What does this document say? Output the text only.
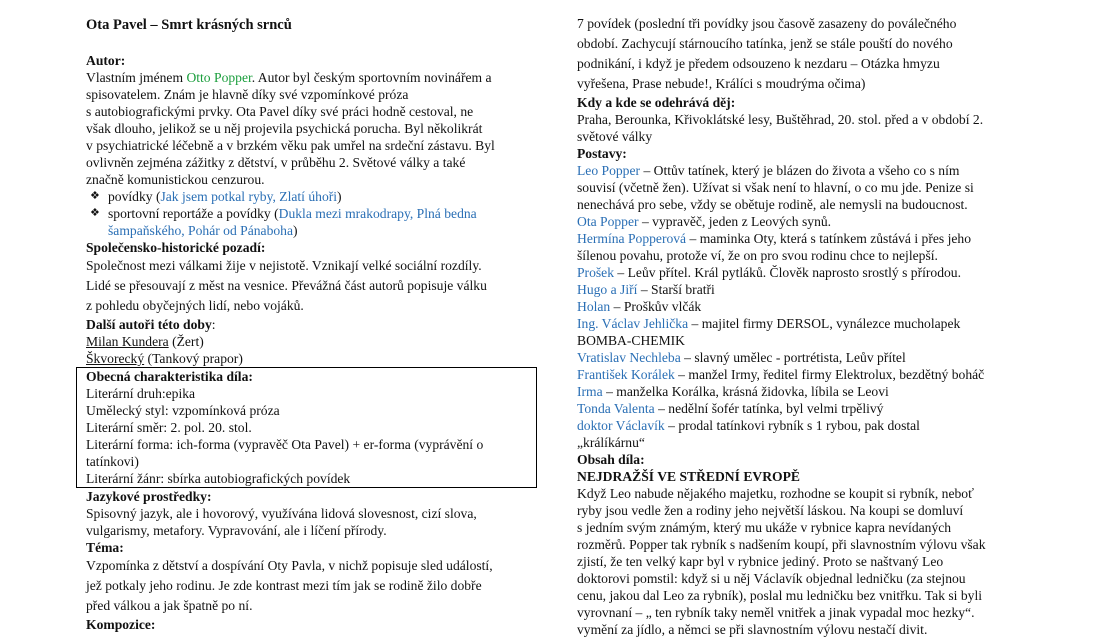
Ota Pavel – Smrt krásných srnců
Autor:
Vlastním jménem Otto Popper. Autor byl českým sportovním novinářem a
spisovatelem. Znám je hlavně díky své vzpomínkové próza
s autobiografickými prvky. Ota Pavel díky své práci hodně cestoval, ne
však dlouho, jelikož se u něj projevila psychická porucha. Byl několikrát
v psychiatrické léčebně a v brzkém věku pak umřel na srdeční zástavu. Byl
ovlivněn zejména zážitky z dětství, v průběhu 2. Světové války a také
značně komunistickou cenzurou.
❖ povídky (Jak jsem potkal ryby, Zlatí úhoři)
❖ sportovní reportáže a povídky (Dukla mezi mrakodrapy, Plná bedna
šampaňského, Pohár od Pánaboha)
Společensko-historické pozadí:
Společnost mezi válkami žije v nejistotě. Vznikají velké sociální rozdíly.
Lidé se přesouvají z měst na vesnice. Převážná část autorů popisuje válku
z pohledu obyčejných lidí, nebo vojáků.
Další autoři této doby:
Milan Kundera (Žert)
Škvorecký (Tankový prapor)
Obecná charakteristika díla:
Literární druh:epika
Umělecký styl: vzpomínková próza
Literární směr: 2. pol. 20. stol.
Literární forma: ich-forma (vypravěč Ota Pavel) + er-forma (vyprávění o
tatínkovi)
Literární žánr: sbírka autobiografických povídek
Jazykové prostředky:
Spisovný jazyk, ale i hovorový, využívána lidová slovesnost, cizí slova,
vulgarismy, metafory. Vypravování, ale i líčení přírody.
Téma:
Vzpomínka z dětství a dospívání Oty Pavla, v nichž popisuje sled událostí,
jež potkaly jeho rodinu. Je zde kontrast mezi tím jak se rodině žilo dobře
před válkou a jak špatně po ní.
Kompozice:
7 povídek (poslední tři povídky jsou časově zasazeny do poválečného
období. Zachycují stárnoucího tatínka, jenž se stále pouští do nového
podnikání, i když je předem odsouzeno k nezdaru – Otázka hmyzu
vyřešena, Prase nebude!, Králíci s moudrýma očima)
Kdy a kde se odehrává děj:
Praha, Berounka, Křivoklátské lesy, Buštěhrad, 20. stol. před a v období 2.
světové války
Postavy:
Leo Popper – Ottův tatínek, který je blázen do života a všeho co s ním
souvisí (včetně žen). Užívat si však není to hlavní, o co mu jde. Penize si
nenechává pro sebe, vždy se obětuje rodině, ale nemysli na budoucnost.
Ota Popper – vypravěč, jeden z Leových synů.
Hermína Popperová – maminka Oty, která s tatínkem zůstává i přes jeho
šílenou povahu, protože ví, že on pro svou rodinu chce to nejlepší.
Prošek – Leův přítel. Král pytláků. Člověk naprosto srostlý s přírodou.
Hugo a Jiří – Starší bratři
Holan – Proškův vlčák
Ing. Václav Jehlička – majitel firmy DERSOL, vynálezce mucholapek
BOMBA-CHEMIK
Vratislav Nechleba – slavný umělec - portrétista, Leův přítel
František Korálek – manžel Irmy, ředitel firmy Elektrolux, bezdětný boháč
Irma – manželka Korálka, krásná židovka, líbila se Leovi
Tonda Valenta – nedělní šofér tatínka, byl velmi trpělivý
doktor Václavík – prodal tatínkovi rybník s 1 rybou, pak dostal
„králíkárnu“
Obsah díla:
NEJDRAŽŠÍ VE STŘEDNÍ EVROPĚ
Když Leo nabude nějakého majetku, rozhodne se koupit si rybník, neboť
ryby jsou vedle žen a rodiny jeho největší láskou. Na koupi se domluví
s jedním svým známým, který mu ukáže v rybnice kapra nevídaných
rozměrů. Popper tak rybník s nadšením koupí, při slavnostním výlovu však
zjistí, že ten velký kapr byl v rybnice jediný. Proto se naštvaný Leo
doktorovi pomstil: když si u něj Václavík objednal ledničku (za stejnou
cenu, jakou dal Leo za rybník), poslal mu ledničku bez vnitřku. Tak si byli
vyrovnaní – „ ten rybník taky neměl vnitřek a jinak vypadal moc hezky“.
vymění za jídlo, a němci se při slavnostním výlovu nestačí divit.
